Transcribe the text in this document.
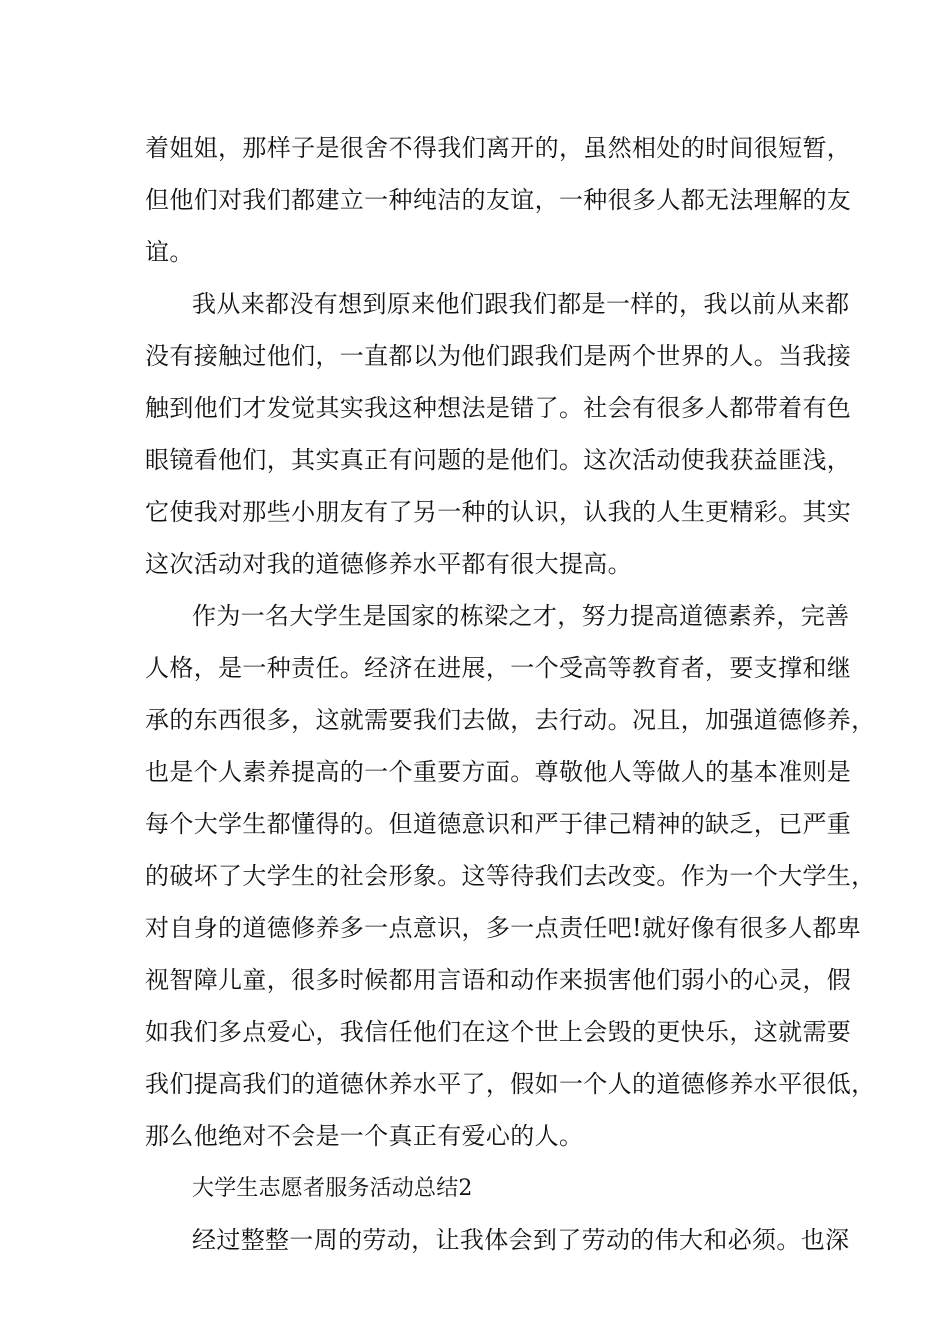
着姐姐，那样子是很舍不得我们离开的，虽然相处的时间很短暂，
但他们对我们都建立一种纯洁的友谊，一种很多人都无法理解的友
谊。
我从来都没有想到原来他们跟我们都是一样的，我以前从来都
没有接触过他们，一直都以为他们跟我们是两个世界的人。当我接
触到他们才发觉其实我这种想法是错了。社会有很多人都带着有色
眼镜看他们，其实真正有问题的是他们。这次活动使我获益匪浅，
它使我对那些小朋友有了另一种的认识，认我的人生更精彩。其实
这次活动对我的道德修养水平都有很大提高。
作为一名大学生是国家的栋梁之才，努力提高道德素养，完善
人格，是一种责任。经济在进展，一个受高等教育者，要支撑和继
承的东西很多，这就需要我们去做，去行动。况且，加强道德修养，
也是个人素养提高的一个重要方面。尊敬他人等做人的基本准则是
每个大学生都懂得的。但道德意识和严于律己精神的缺乏，已严重
的破坏了大学生的社会形象。这等待我们去改变。作为一个大学生，
对自身的道德修养多一点意识，多一点责任吧!就好像有很多人都卑
视智障儿童，很多时候都用言语和动作来损害他们弱小的心灵，假
如我们多点爱心，我信任他们在这个世上会毁的更快乐，这就需要
我们提高我们的道德休养水平了，假如一个人的道德修养水平很低，
那么他绝对不会是一个真正有爱心的人。
大学生志愿者服务活动总结2
经过整整一周的劳动，让我体会到了劳动的伟大和必须。也深
